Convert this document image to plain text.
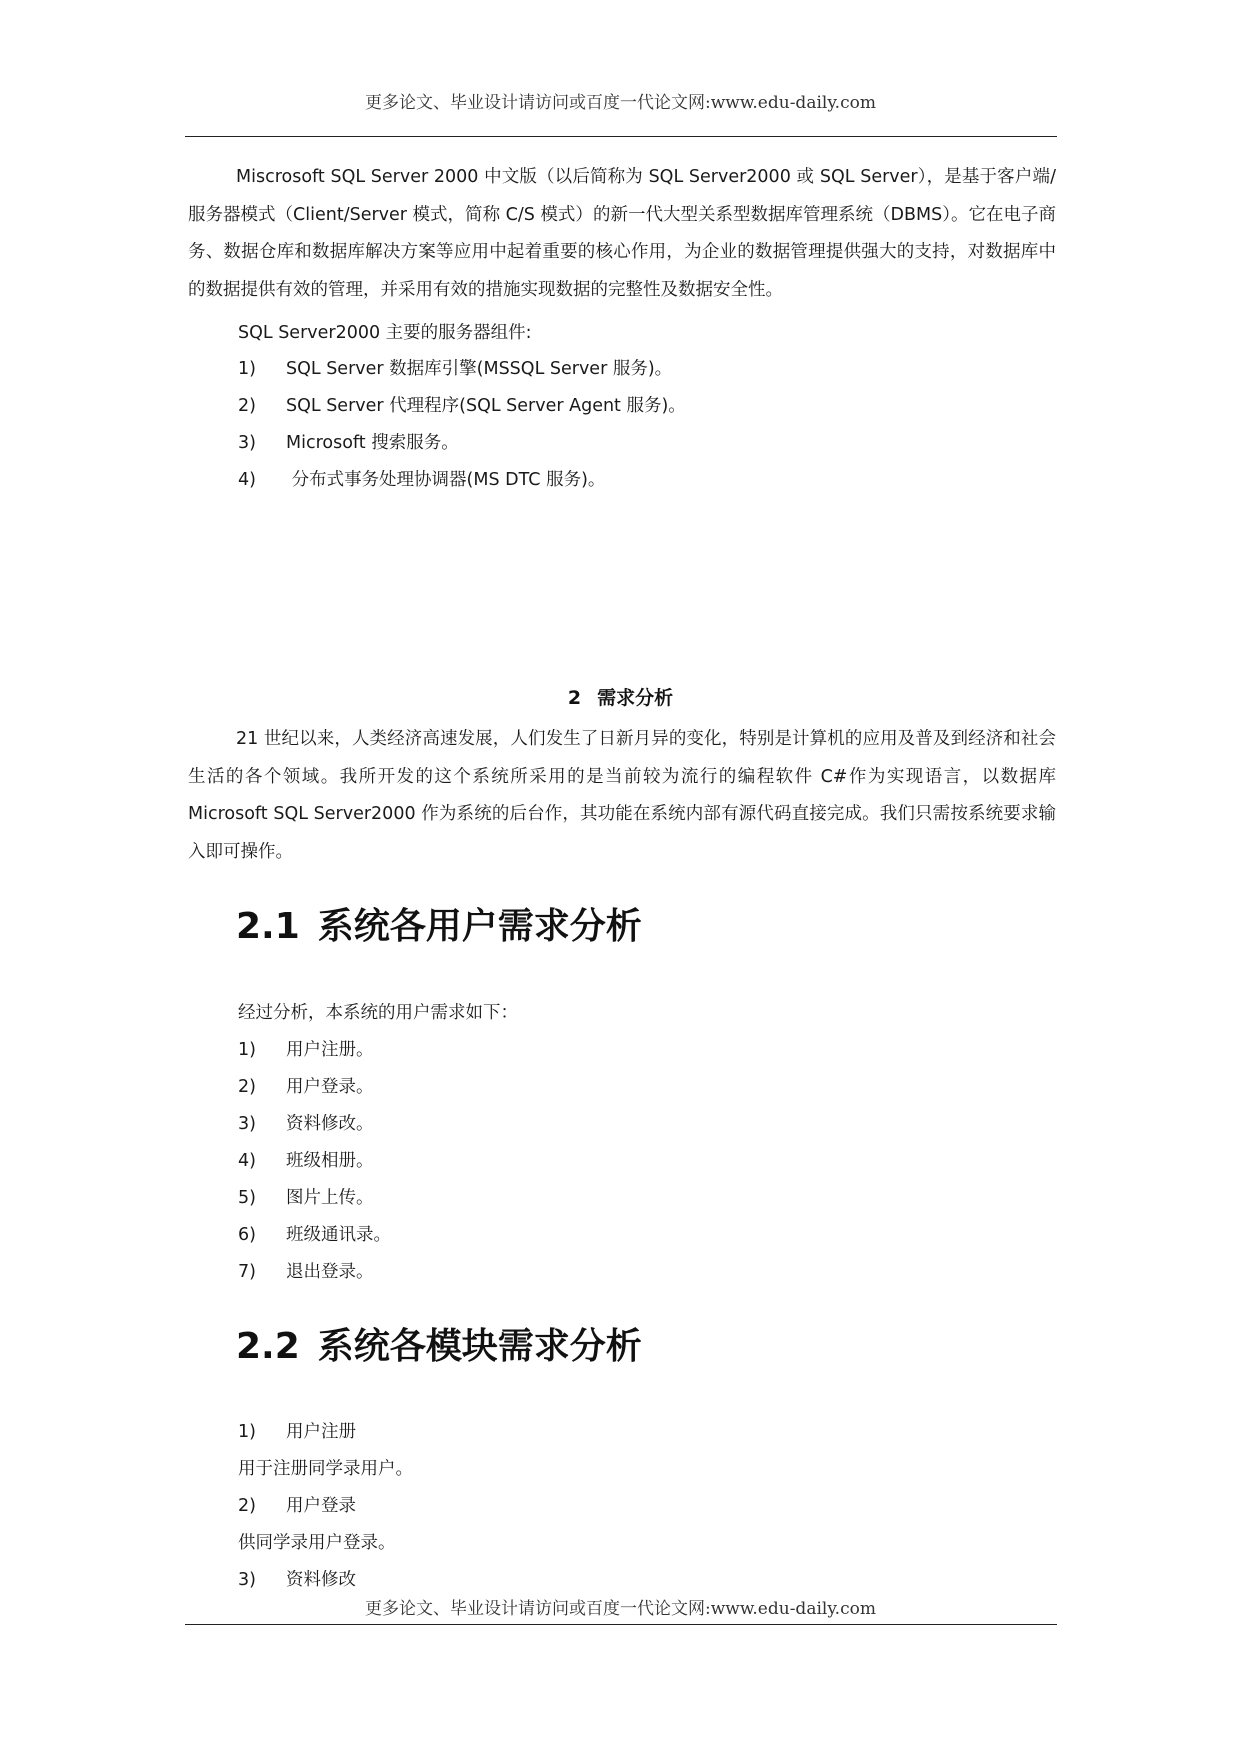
更多论文、毕业设计请访问或百度一代论文网:www.edu-daily.com

Miscrosoft SQL Server 2000 中文版（以后简称为 SQL Server2000 或 SQL Server），是基于客户端/服务器模式（Client/Server 模式，简称 C/S 模式）的新一代大型关系型数据库管理系统（DBMS）。它在电子商务、数据仓库和数据库解决方案等应用中起着重要的核心作用，为企业的数据管理提供强大的支持，对数据库中的数据提供有效的管理，并采用有效的措施实现数据的完整性及数据安全性。

SQL Server2000 主要的服务器组件:
1) SQL Server 数据库引擎(MSSQL Server 服务)。
2) SQL Server 代理程序(SQL Server Agent 服务)。
3) Microsoft 搜索服务。
4) 分布式事务处理协调器(MS DTC 服务)。
2 需求分析

21 世纪以来，人类经济高速发展，人们发生了日新月异的变化，特别是计算机的应用及普及到经济和社会生活的各个领域。我所开发的这个系统所采用的是当前较为流行的编程软件 C#作为实现语言，以数据库 Microsoft SQL Server2000 作为系统的后台作，其功能在系统内部有源代码直接完成。我们只需按系统要求输入即可操作。

2.1 系统各用户需求分析
经过分析，本系统的用户需求如下：
1) 用户注册。
2) 用户登录。
3) 资料修改。
4) 班级相册。
5) 图片上传。
6) 班级通讯录。
7) 退出登录。
2.2 系统各模块需求分析
1) 用户注册
用于注册同学录用户。
2) 用户登录
供同学录用户登录。
3) 资料修改
更多论文、毕业设计请访问或百度一代论文网:www.edu-daily.com
